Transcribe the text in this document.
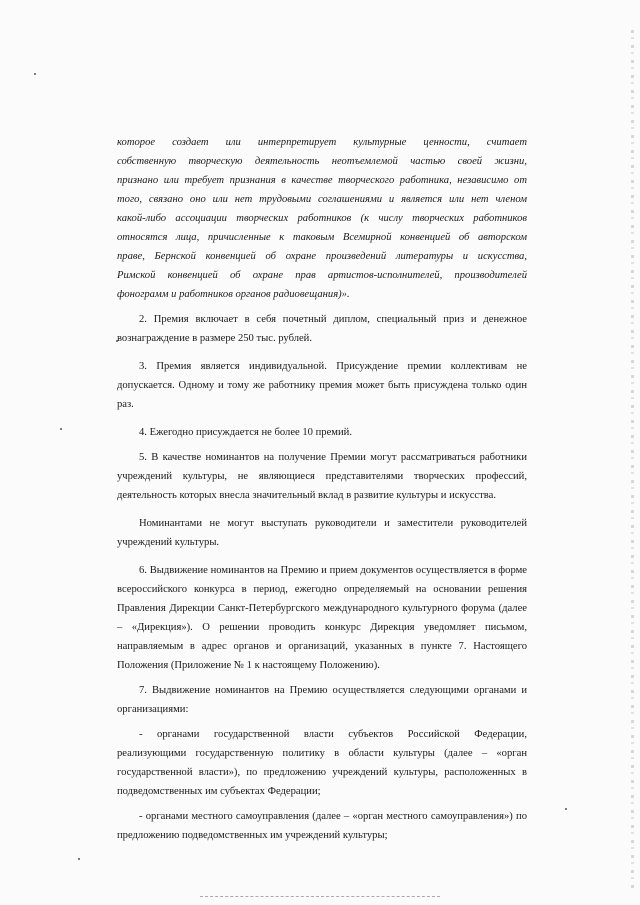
которое создает или интерпретирует культурные ценности, считает
собственную творческую деятельность неотъемлемой частью своей жизни,
признано или требует признания в качестве творческого работника, независимо от
того, связано оно или нет трудовыми соглашениями и является или нет членом
какой-либо ассоциации творческих работников (к числу творческих работников
относятся лица, причисленные к таковым Всемирной конвенцией об авторском
праве, Бернской конвенцией об охране произведений литературы и искусства,
Римской конвенцией об охране прав артистов-исполнителей, производителей
фонограмм и работников органов радиовещания)».

2. Премия включает в себя почетный диплом, специальный приз и денежное вознаграждение в размере 250 тыс. рублей.

3. Премия является индивидуальной. Присуждение премии коллективам не допускается. Одному и тому же работнику премия может быть присуждена только один раз.

4. Ежегодно присуждается не более 10 премий.

5. В качестве номинантов на получение Премии могут рассматриваться работники учреждений культуры, не являющиеся представителями творческих профессий, деятельность которых внесла значительный вклад в развитие культуры и искусства.

Номинантами не могут выступать руководители и заместители руководителей учреждений культуры.

6. Выдвижение номинантов на Премию и прием документов осуществляется в форме всероссийского конкурса в период, ежегодно определяемый на основании решения Правления Дирекции Санкт-Петербургского международного культурного форума (далее – «Дирекция»). О решении проводить конкурс Дирекция уведомляет письмом, направляемым в адрес органов и организаций, указанных в пункте 7. Настоящего Положения (Приложение № 1 к настоящему Положению).

7. Выдвижение номинантов на Премию осуществляется следующими органами и организациями:

- органами государственной власти субъектов Российской Федерации, реализующими государственную политику в области культуры (далее – «орган государственной власти»), по предложению учреждений культуры, расположенных в подведомственных им субъектах Федерации;

- органами местного самоуправления (далее – «орган местного самоуправления») по предложению подведомственных им учреждений культуры;
